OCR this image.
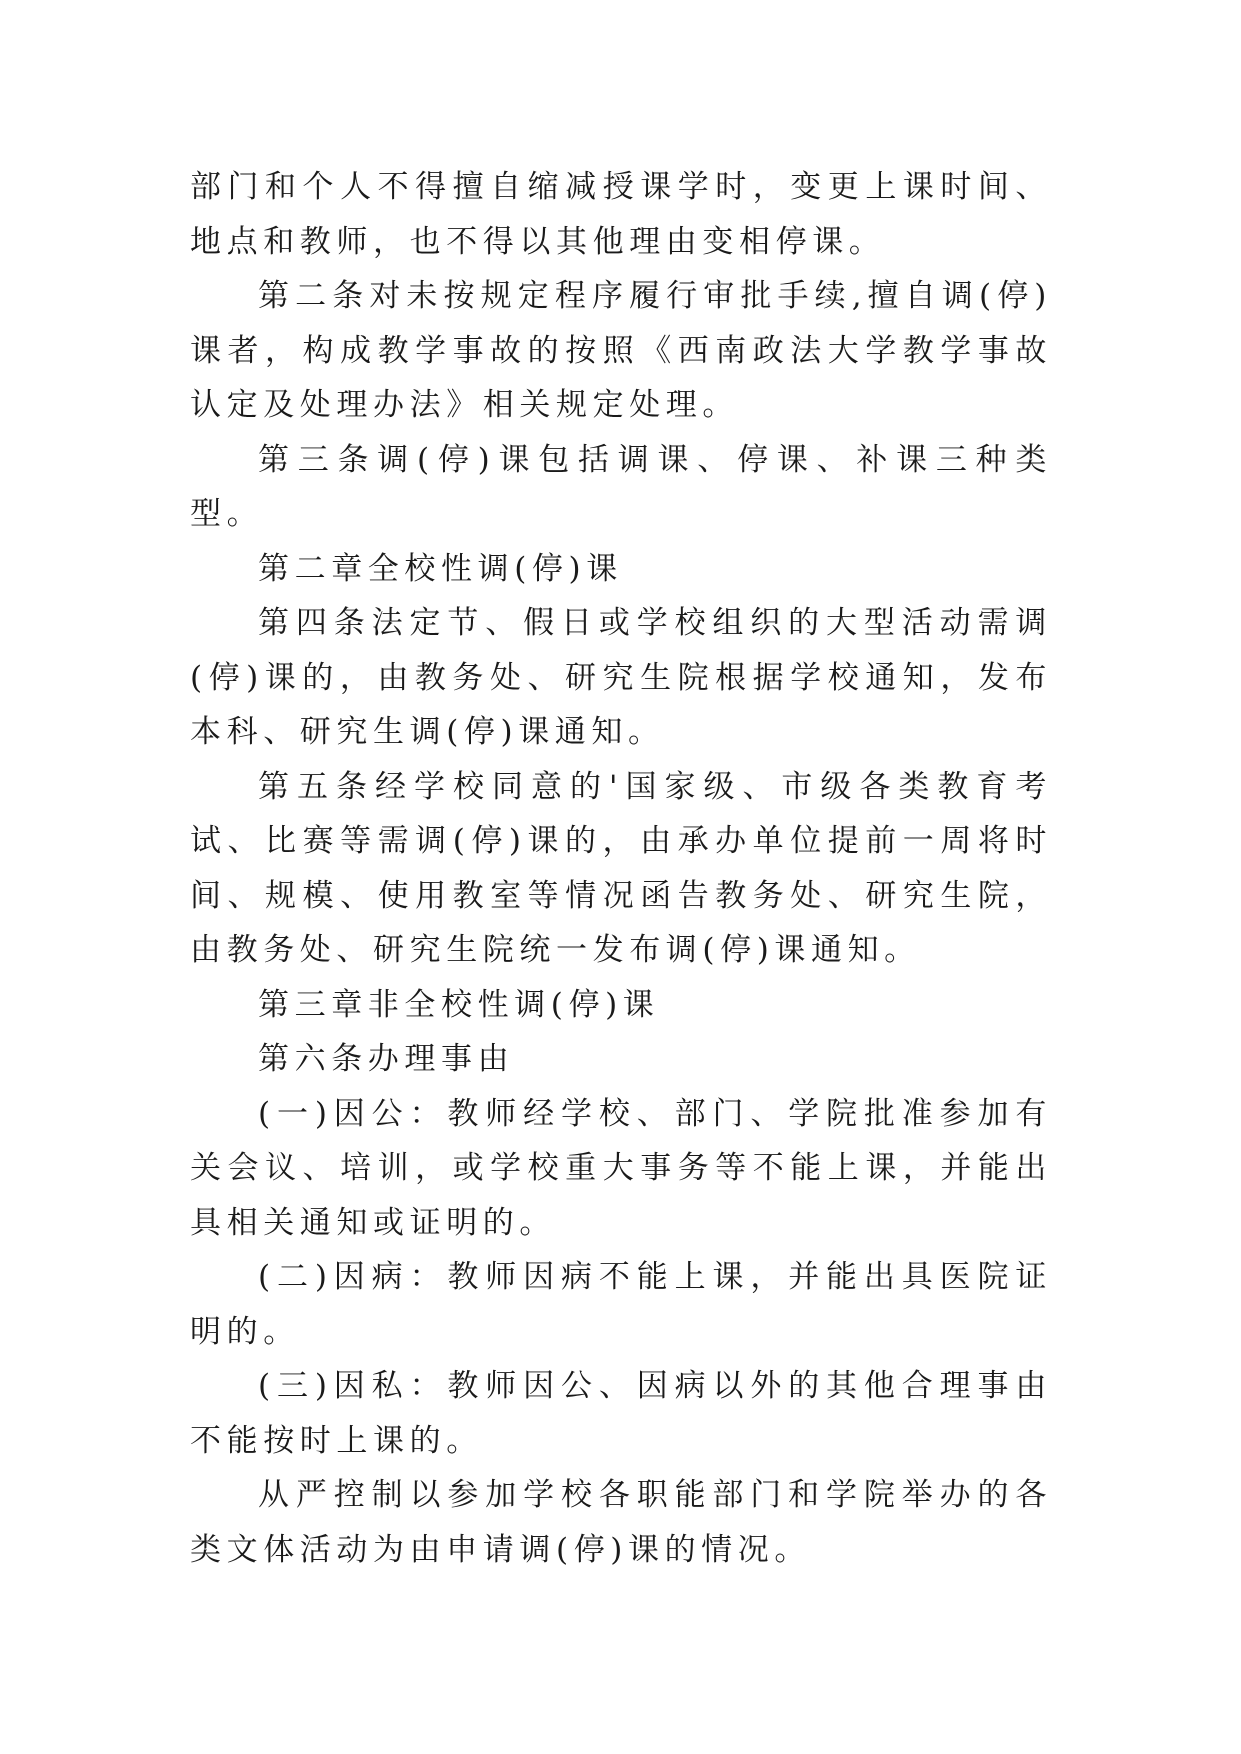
部门和个人不得擅自缩减授课学时，变更上课时间、地点和教师，也不得以其他理由变相停课。

第二条对未按规定程序履行审批手续,擅自调(停)课者，构成教学事故的按照《西南政法大学教学事故认定及处理办法》相关规定处理。

第三条调(停)课包括调课、停课、补课三种类型。

第二章全校性调(停)课

第四条法定节、假日或学校组织的大型活动需调(停)课的，由教务处、研究生院根据学校通知，发布本科、研究生调(停)课通知。

第五条经学校同意的'国家级、市级各类教育考试、比赛等需调(停)课的，由承办单位提前一周将时间、规模、使用教室等情况函告教务处、研究生院，由教务处、研究生院统一发布调(停)课通知。

第三章非全校性调(停)课

第六条办理事由

(一)因公：教师经学校、部门、学院批准参加有关会议、培训，或学校重大事务等不能上课，并能出具相关通知或证明的。

(二)因病：教师因病不能上课，并能出具医院证明的。

(三)因私：教师因公、因病以外的其他合理事由不能按时上课的。

从严控制以参加学校各职能部门和学院举办的各类文体活动为由申请调(停)课的情况。
